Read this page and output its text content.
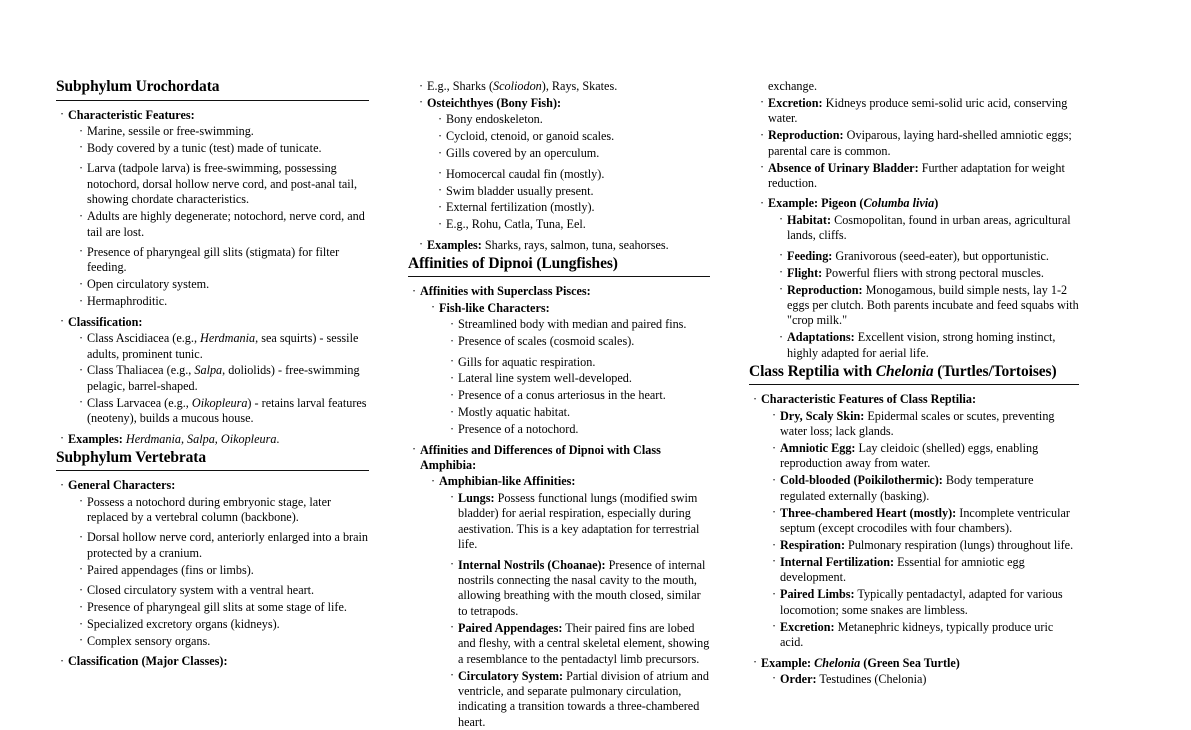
Subphylum Urochordata
· Characteristic Features:
· Marine, sessile or free-swimming.
· Body covered by a tunic (test) made of tunicate.
· Larva (tadpole larva) is free-swimming, possessing notochord, dorsal hollow nerve cord, and post-anal tail, showing chordate characteristics.
· Adults are highly degenerate; notochord, nerve cord, and tail are lost.
· Presence of pharyngeal gill slits (stigmata) for filter feeding.
· Open circulatory system.
· Hermaphroditic.
· Classification:
· Class Ascidiacea (e.g., Herdmania, sea squirts) - sessile adults, prominent tunic.
· Class Thaliacea (e.g., Salpa, doliolids) - free-swimming pelagic, barrel-shaped.
· Class Larvacea (e.g., Oikopleura) - retains larval features (neoteny), builds a mucous house.
· Examples: Herdmania, Salpa, Oikopleura.
Subphylum Vertebrata
· General Characters:
· Possess a notochord during embryonic stage, later replaced by a vertebral column (backbone).
· Dorsal hollow nerve cord, anteriorly enlarged into a brain protected by a cranium.
· Paired appendages (fins or limbs).
· Closed circulatory system with a ventral heart.
· Presence of pharyngeal gill slits at some stage of life.
· Specialized excretory organs (kidneys).
· Complex sensory organs.
· Classification (Major Classes):
· E.g., Sharks (Scoliodon), Rays, Skates.
· Osteichthyes (Bony Fish):
· Bony endoskeleton.
· Cycloid, ctenoid, or ganoid scales.
· Gills covered by an operculum.
· Homocercal caudal fin (mostly).
· Swim bladder usually present.
· External fertilization (mostly).
· E.g., Rohu, Catla, Tuna, Eel.
· Examples: Sharks, rays, salmon, tuna, seahorses.
Affinities of Dipnoi (Lungfishes)
· Affinities with Superclass Pisces:
· Fish-like Characters:
· Streamlined body with median and paired fins.
· Presence of scales (cosmoid scales).
· Gills for aquatic respiration.
· Lateral line system well-developed.
· Presence of a conus arteriosus in the heart.
· Mostly aquatic habitat.
· Presence of a notochord.
· Affinities and Differences of Dipnoi with Class Amphibia:
· Amphibian-like Affinities:
· Lungs: Possess functional lungs (modified swim bladder) for aerial respiration, especially during aestivation. This is a key adaptation for terrestrial life.
· Internal Nostrils (Choanae): Presence of internal nostrils connecting the nasal cavity to the mouth, allowing breathing with the mouth closed, similar to tetrapods.
· Paired Appendages: Their paired fins are lobed and fleshy, with a central skeletal element, showing a resemblance to the pentadactyl limb precursors.
· Circulatory System: Partial division of atrium and ventricle, and separate pulmonary circulation, indicating a transition towards a three-chambered heart.
exchange.
· Excretion: Kidneys produce semi-solid uric acid, conserving water.
· Reproduction: Oviparous, laying hard-shelled amniotic eggs; parental care is common.
· Absence of Urinary Bladder: Further adaptation for weight reduction.
· Example: Pigeon (Columba livia)
· Habitat: Cosmopolitan, found in urban areas, agricultural lands, cliffs.
· Feeding: Granivorous (seed-eater), but opportunistic.
· Flight: Powerful fliers with strong pectoral muscles.
· Reproduction: Monogamous, build simple nests, lay 1-2 eggs per clutch. Both parents incubate and feed squabs with "crop milk."
· Adaptations: Excellent vision, strong homing instinct, highly adapted for aerial life.
Class Reptilia with Chelonia (Turtles/Tortoises)
· Characteristic Features of Class Reptilia:
· Dry, Scaly Skin: Epidermal scales or scutes, preventing water loss; lack glands.
· Amniotic Egg: Lay cleidoic (shelled) eggs, enabling reproduction away from water.
· Cold-blooded (Poikilothermic): Body temperature regulated externally (basking).
· Three-chambered Heart (mostly): Incomplete ventricular septum (except crocodiles with four chambers).
· Respiration: Pulmonary respiration (lungs) throughout life.
· Internal Fertilization: Essential for amniotic egg development.
· Paired Limbs: Typically pentadactyl, adapted for various locomotion; some snakes are limbless.
· Excretion: Metanephric kidneys, typically produce uric acid.
· Example: Chelonia (Green Sea Turtle)
· Order: Testudines (Chelonia)
